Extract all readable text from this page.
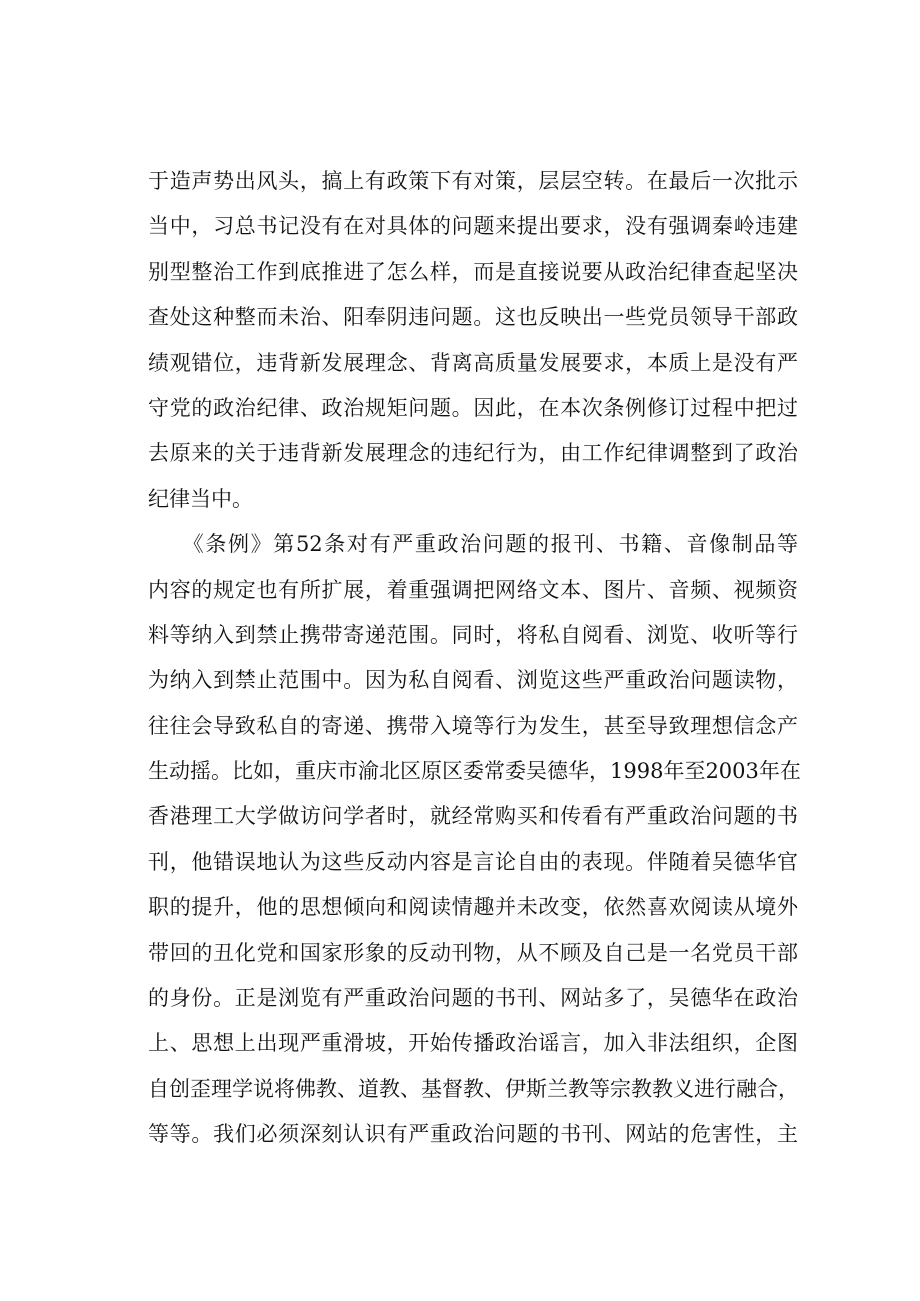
于造声势出风头，搞上有政策下有对策，层层空转。在最后一次批示
当中，习总书记没有在对具体的问题来提出要求，没有强调秦岭违建
别型整治工作到底推进了怎么样，而是直接说要从政治纪律查起坚决
查处这种整而未治、阳奉阴违问题。这也反映出一些党员领导干部政
绩观错位，违背新发展理念、背离高质量发展要求，本质上是没有严
守党的政治纪律、政治规矩问题。因此，在本次条例修订过程中把过
去原来的关于违背新发展理念的违纪行为，由工作纪律调整到了政治
纪律当中。
　　《条例》第52条对有严重政治问题的报刊、书籍、音像制品等
内容的规定也有所扩展，着重强调把网络文本、图片、音频、视频资
料等纳入到禁止携带寄递范围。同时，将私自阅看、浏览、收听等行
为纳入到禁止范围中。因为私自阅看、浏览这些严重政治问题读物，
往往会导致私自的寄递、携带入境等行为发生，甚至导致理想信念产
生动摇。比如，重庆市渝北区原区委常委吴德华，1998年至2003年在
香港理工大学做访问学者时，就经常购买和传看有严重政治问题的书
刊，他错误地认为这些反动内容是言论自由的表现。伴随着吴德华官
职的提升，他的思想倾向和阅读情趣并未改变，依然喜欢阅读从境外
带回的丑化党和国家形象的反动刊物，从不顾及自己是一名党员干部
的身份。正是浏览有严重政治问题的书刊、网站多了，吴德华在政治
上、思想上出现严重滑坡，开始传播政治谣言，加入非法组织，企图
自创歪理学说将佛教、道教、基督教、伊斯兰教等宗教教义进行融合，
等等。我们必须深刻认识有严重政治问题的书刊、网站的危害性，主
